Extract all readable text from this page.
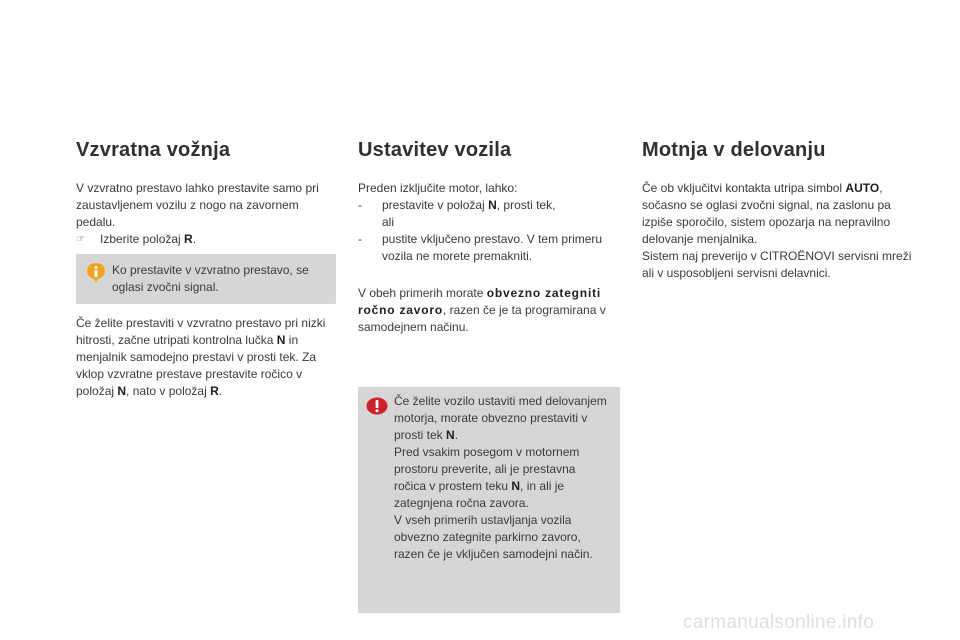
Vzvratna vožnja

V vzvratno prestavo lahko prestavite samo pri zaustavljenem vozilu z nogo na zavornem pedalu.

☞	Izberite položaj R.

Ko prestavite v vzvratno prestavo, se oglasi zvočni signal.

Če želite prestaviti v vzvratno prestavo pri nizki hitrosti, začne utripati kontrolna lučka N in menjalnik samodejno prestavi v prosti tek. Za vklop vzvratne prestave prestavite ročico v položaj N, nato v položaj R.

Ustavitev vozila

Preden izključite motor, lahko:

-	prestavite v položaj N, prosti tek,
ali
-	pustite vključeno prestavo. V tem primeru vozila ne morete premakniti.

V obeh primerih morate obvezno zategniti ročno zavoro, razen če je ta programirana v samodejnem načinu.

Če želite vozilo ustaviti med delovanjem motorja, morate obvezno prestaviti v prosti tek N.

Pred vsakim posegom v motornem prostoru preverite, ali je prestavna ročica v prostem teku N, in ali je zategnjena ročna zavora.

V vseh primerih ustavljanja vozila obvezno zategnite parkirno zavoro, razen če je vključen samodejni način.

Motnja v delovanju

Če ob vključitvi kontakta utripa simbol AUTO, sočasno se oglasi zvočni signal, na zaslonu pa izpiše sporočilo, sistem opozarja na nepravilno delovanje menjalnika.

Sistem naj preverijo v CITROËNOVI servisni mreži ali v usposobljeni servisni delavnici.

carmanualsonline.info
